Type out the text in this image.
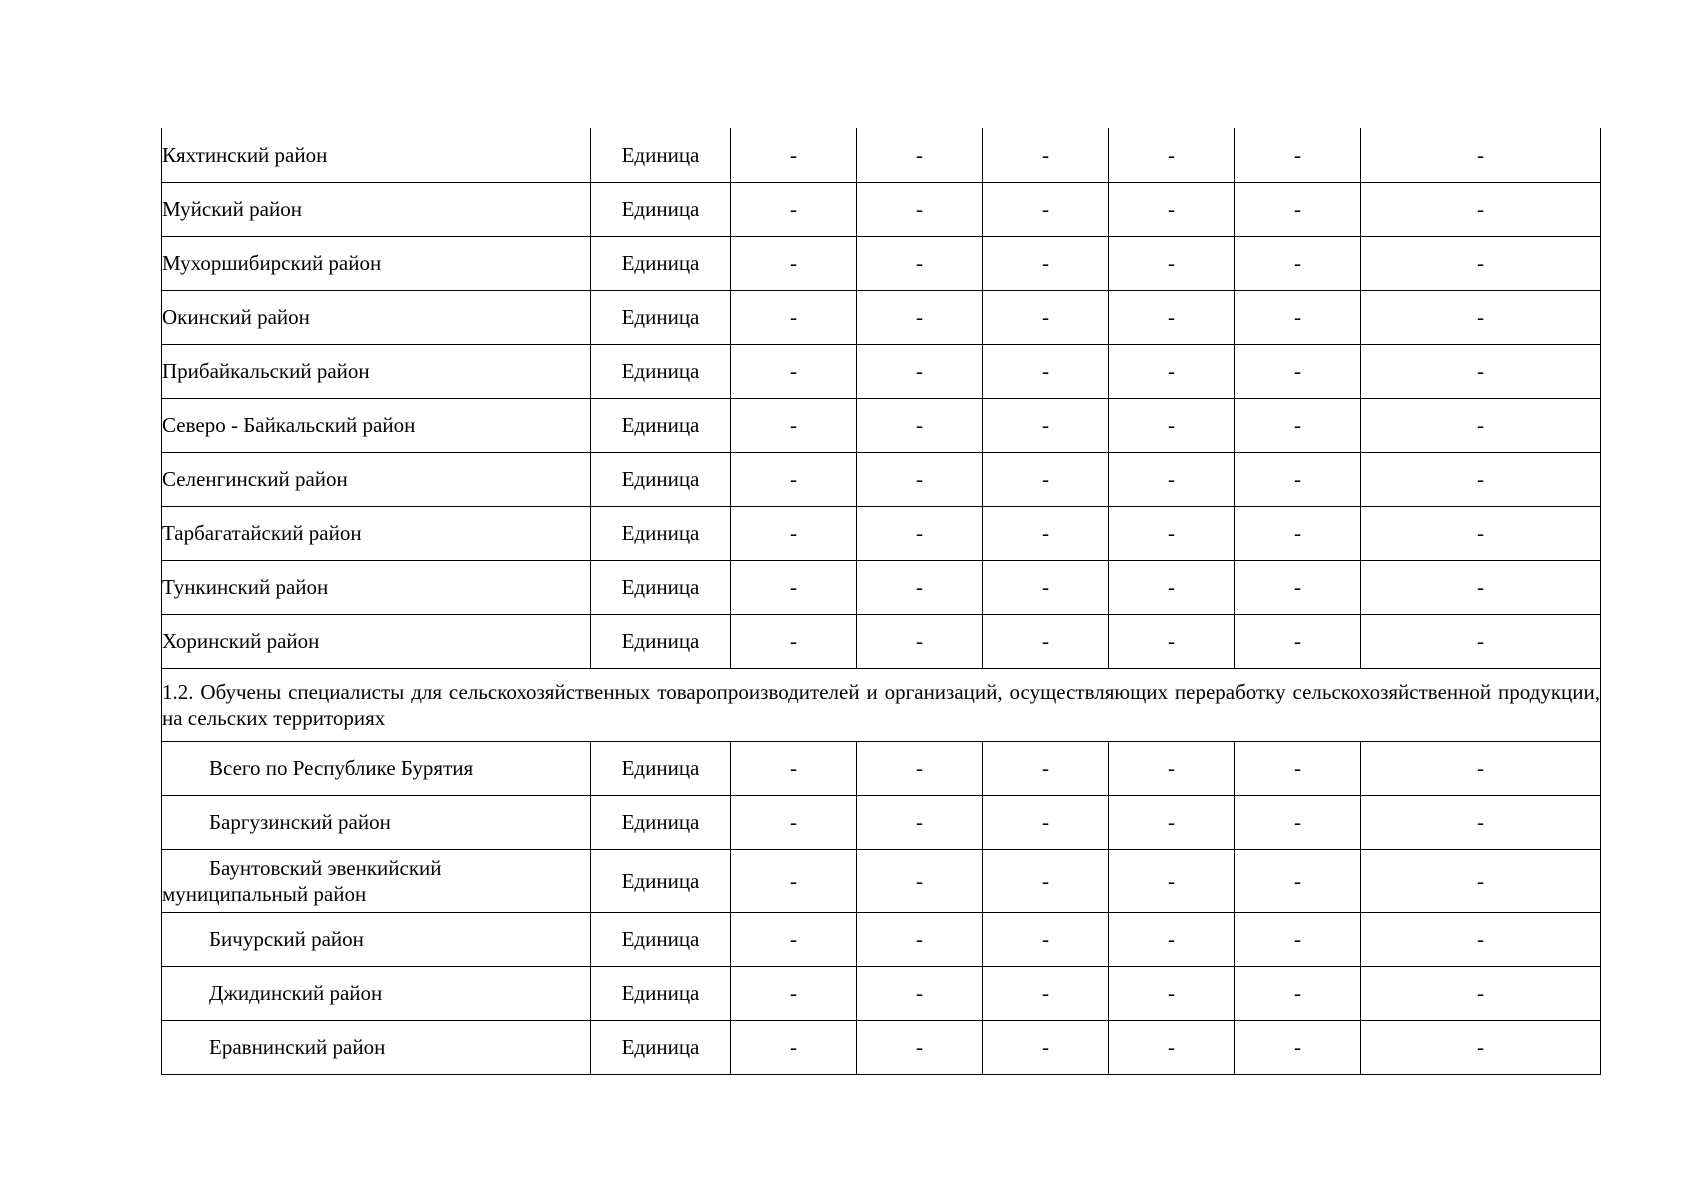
Кяхтинский район	Единица	-	-	-	-	-	-
Муйский район	Единица	-	-	-	-	-	-
Мухоршибирский район	Единица	-	-	-	-	-	-
Окинский район	Единица	-	-	-	-	-	-
Прибайкальский район	Единица	-	-	-	-	-	-
Северо - Байкальский район	Единица	-	-	-	-	-	-
Селенгинский район	Единица	-	-	-	-	-	-
Тарбагатайский район	Единица	-	-	-	-	-	-
Тункинский район	Единица	-	-	-	-	-	-
Хоринский район	Единица	-	-	-	-	-	-
1.2. Обучены специалисты для сельскохозяйственных товаропроизводителей и организаций, осуществляющих переработку сельскохозяйственной продукции, на сельских территориях							
Всего по Республике Бурятия	Единица	-	-	-	-	-	-
Баргузинский район	Единица	-	-	-	-	-	-
Баунтовский эвенкийский муниципальный район	Единица	-	-	-	-	-	-
Бичурский район	Единица	-	-	-	-	-	-
Джидинский район	Единица	-	-	-	-	-	-
Еравнинский район	Единица	-	-	-	-	-	-
